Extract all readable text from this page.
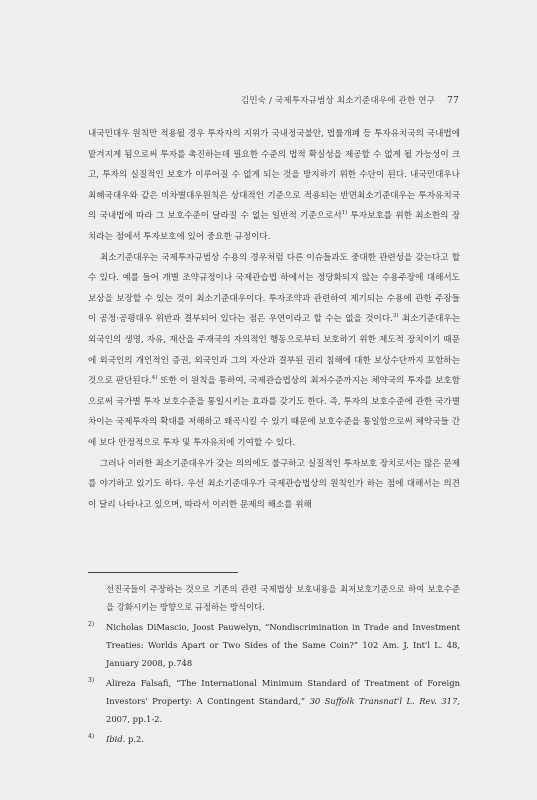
김민숙 / 국제투자규범상 최소기준대우에 관한 연구 77

내국민대우 원칙만 적용될 경우 투자자의 지위가 국내정국불안, 법률개폐 등 투자유치국의 국내법에 맡겨지게 됨으로써 투자를 촉진하는데 필요한 수준의 법적 확실성을 제공할 수 없게 될 가능성이 크고, 투자의 실질적인 보호가 이루어질 수 없게 되는 것을 방지하기 위한 수단이 된다. 내국민대우나 최혜국대우와 같은 비차별대우원칙은 상대적인 기준으로 적용되는 반면최소기준대우는 투자유치국의 국내법에 따라 그 보호수준이 달라질 수 없는 일반적 기준으로서$^{1)}$ 투자보호를 위한 최소한의 장치라는 점에서 투자보호에 있어 중요한 규정이다.

최소기준대우는 국제투자규범상 수용의 경우처럼 다른 이슈들과도 중대한 관련성을 갖는다고 할 수 있다. 예를 들어 개별 조약규정이나 국제관습법 하에서는 정당화되지 않는 수용주장에 대해서도 보상을 보장할 수 있는 것이 최소기준대우이다. 투자조약과 관련하여 제기되는 수용에 관한 주장들이 공정·공평대우 위반과 결부되어 있다는 점은 우연이라고 할 수는 없을 것이다.$^{3)}$ 최소기준대우는 외국인의 생명, 자유, 재산을 주재국의 자의적인 행동으로부터 보호하기 위한 제도적 장치이기 때문에 외국인의 개인적인 증권, 외국인과 그의 자산과 결부된 권리 침해에 대한 보상수단까지 포함하는 것으로 판단된다.$^{4)}$ 또한 이 원칙을 통하여, 국제관습법상의 최저수준까지는 체약국의 투자를 보호함으로써 국가별 투자 보호수준을 통일시키는 효과를 갖기도 한다. 즉, 투자의 보호수준에 관한 국가별 차이는 국제투자의 확대를 저해하고 왜곡시킬 수 있기 때문에 보호수준을 통일함으로써 체약국들 간에 보다 안정적으로 투자 및 투자유치에 기여할 수 있다.

그러나 이러한 최소기준대우가 갖는 의의에도 불구하고 실질적인 투자보호 장치로서는 많은 문제를 야기하고 있기도 하다. 우선 최소기준대우가 국제관습법상의 원칙인가 하는 점에 대해서는 의견이 달리 나타나고 있으며, 따라서 이러한 문제의 해소를 위해

선진국들이 주장하는 것으로 기존의 관련 국제법상 보호내용을 최저보호기준으로 하여 보호수준을 강화시키는 방향으로 규정하는 방식이다.
2) Nicholas DiMascio, Joost Pauwelyn, “Nondiscrimination in Trade and Investment Treaties: Worlds Apart or Two Sides of the Same Coin?” 102 Am. J. Int'l L. 48, January 2008, p.748
3) Alireza Falsafi, “The International Minimum Standard of Treatment of Foreign Investors' Property: A Contingent Standard,” 30 Suffolk Transnat'l L. Rev. 317, 2007, pp.1-2.
4) Ibid. p.2.
